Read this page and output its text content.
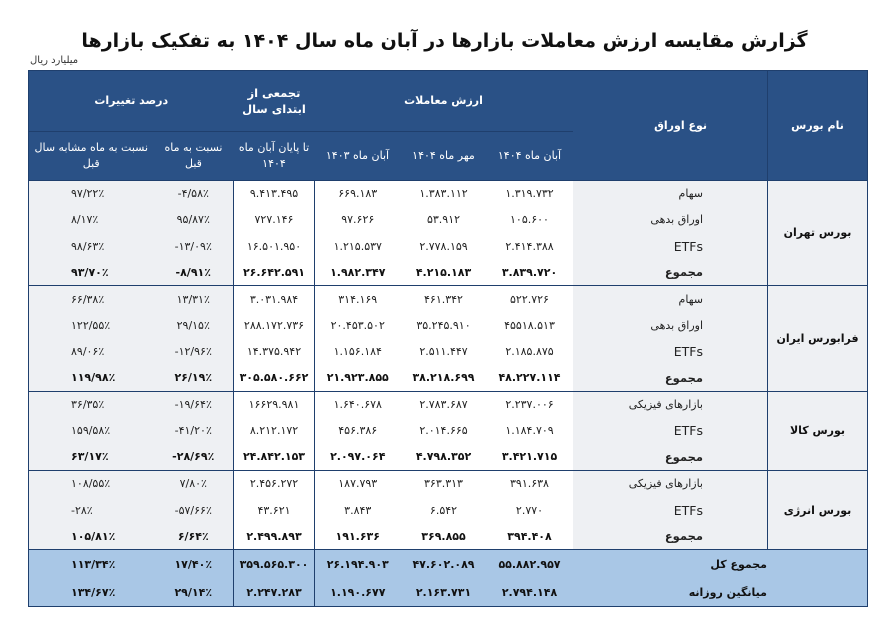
گزارش مقایسه ارزش معاملات بازارها در آبان ماه سال ۱۴۰۴ به تفکیک بازارها
میلیارد ریال
درصد تغییرات		تجمعی از ابتدای سال	ارزش معاملات			نوع اوراق	نام بورس
نسبت به ماه مشابه سال قبل	نسبت به ماه قبل	تا پایان آبان ماه ۱۴۰۴	آبان ماه ۱۴۰۳	مهر ماه ۱۴۰۴	آبان ماه ۱۴۰۴		
۹۷/۲۲٪	-۴/۵۸٪	۹.۴۱۳.۴۹۵	۶۶۹.۱۸۳	۱.۳۸۳.۱۱۲	۱.۳۱۹.۷۳۲	سهام	بورس تهران
۸/۱۷٪	۹۵/۸۷٪	۷۲۷.۱۴۶	۹۷.۶۲۶	۵۳.۹۱۲	۱۰۵.۶۰۰	اوراق بدهی	
۹۸/۶۳٪	-۱۳/۰۹٪	۱۶.۵۰۱.۹۵۰	۱.۲۱۵.۵۳۷	۲.۷۷۸.۱۵۹	۲.۴۱۴.۳۸۸	ETFs	
۹۳/۷۰٪	-۸/۹۱٪	۲۶.۶۴۲.۵۹۱	۱.۹۸۲.۳۴۷	۴.۲۱۵.۱۸۳	۳.۸۳۹.۷۲۰	مجموع	
۶۶/۳۸٪	۱۳/۳۱٪	۳.۰۳۱.۹۸۴	۳۱۴.۱۶۹	۴۶۱.۳۴۲	۵۲۲.۷۲۶	سهام	فرابورس ایران
۱۲۲/۵۵٪	۲۹/۱۵٪	۲۸۸.۱۷۲.۷۳۶	۲۰.۴۵۳.۵۰۲	۳۵.۲۴۵.۹۱۰	۴۵۵۱۸.۵۱۳	اوراق بدهی	
۸۹/۰۶٪	-۱۲/۹۶٪	۱۴.۳۷۵.۹۴۲	۱.۱۵۶.۱۸۴	۲.۵۱۱.۴۴۷	۲.۱۸۵.۸۷۵	ETFs	
۱۱۹/۹۸٪	۲۶/۱۹٪	۳۰۵.۵۸۰.۶۶۲	۲۱.۹۲۳.۸۵۵	۳۸.۲۱۸.۶۹۹	۴۸.۲۲۷.۱۱۴	مجموع	
۳۶/۳۵٪	-۱۹/۶۴٪	۱۶۶۲۹.۹۸۱	۱.۶۴۰.۶۷۸	۲.۷۸۳.۶۸۷	۲.۲۳۷.۰۰۶	بازارهای فیزیکی	بورس کالا
۱۵۹/۵۸٪	-۴۱/۲۰٪	۸.۲۱۲.۱۷۲	۴۵۶.۳۸۶	۲.۰۱۴.۶۶۵	۱.۱۸۴.۷۰۹	ETFs	
۶۳/۱۷٪	-۲۸/۶۹٪	۲۴.۸۴۲.۱۵۳	۲.۰۹۷.۰۶۴	۴.۷۹۸.۳۵۲	۳.۴۲۱.۷۱۵	مجموع	
۱۰۸/۵۵٪	۷/۸۰٪	۲.۴۵۶.۲۷۲	۱۸۷.۷۹۳	۳۶۳.۳۱۳	۳۹۱.۶۳۸	بازارهای فیزیکی	بورس انرژی
-۲۸٪	-۵۷/۶۶٪	۴۳.۶۲۱	۳.۸۴۳	۶.۵۴۲	۲.۷۷۰	ETFs	
۱۰۵/۸۱٪	۶/۶۴٪	۲.۴۹۹.۸۹۳	۱۹۱.۶۳۶	۳۶۹.۸۵۵	۳۹۴.۴۰۸	مجموع	
۱۱۳/۳۴٪	۱۷/۴۰٪	۳۵۹.۵۶۵.۳۰۰	۲۶.۱۹۴.۹۰۳	۴۷.۶۰۲.۰۸۹	۵۵.۸۸۲.۹۵۷	مجموع کل	
۱۳۴/۶۷٪	۲۹/۱۴٪	۲.۲۴۷.۲۸۳	۱.۱۹۰.۶۷۷	۲.۱۶۳.۷۳۱	۲.۷۹۴.۱۴۸	میانگین روزانه	
